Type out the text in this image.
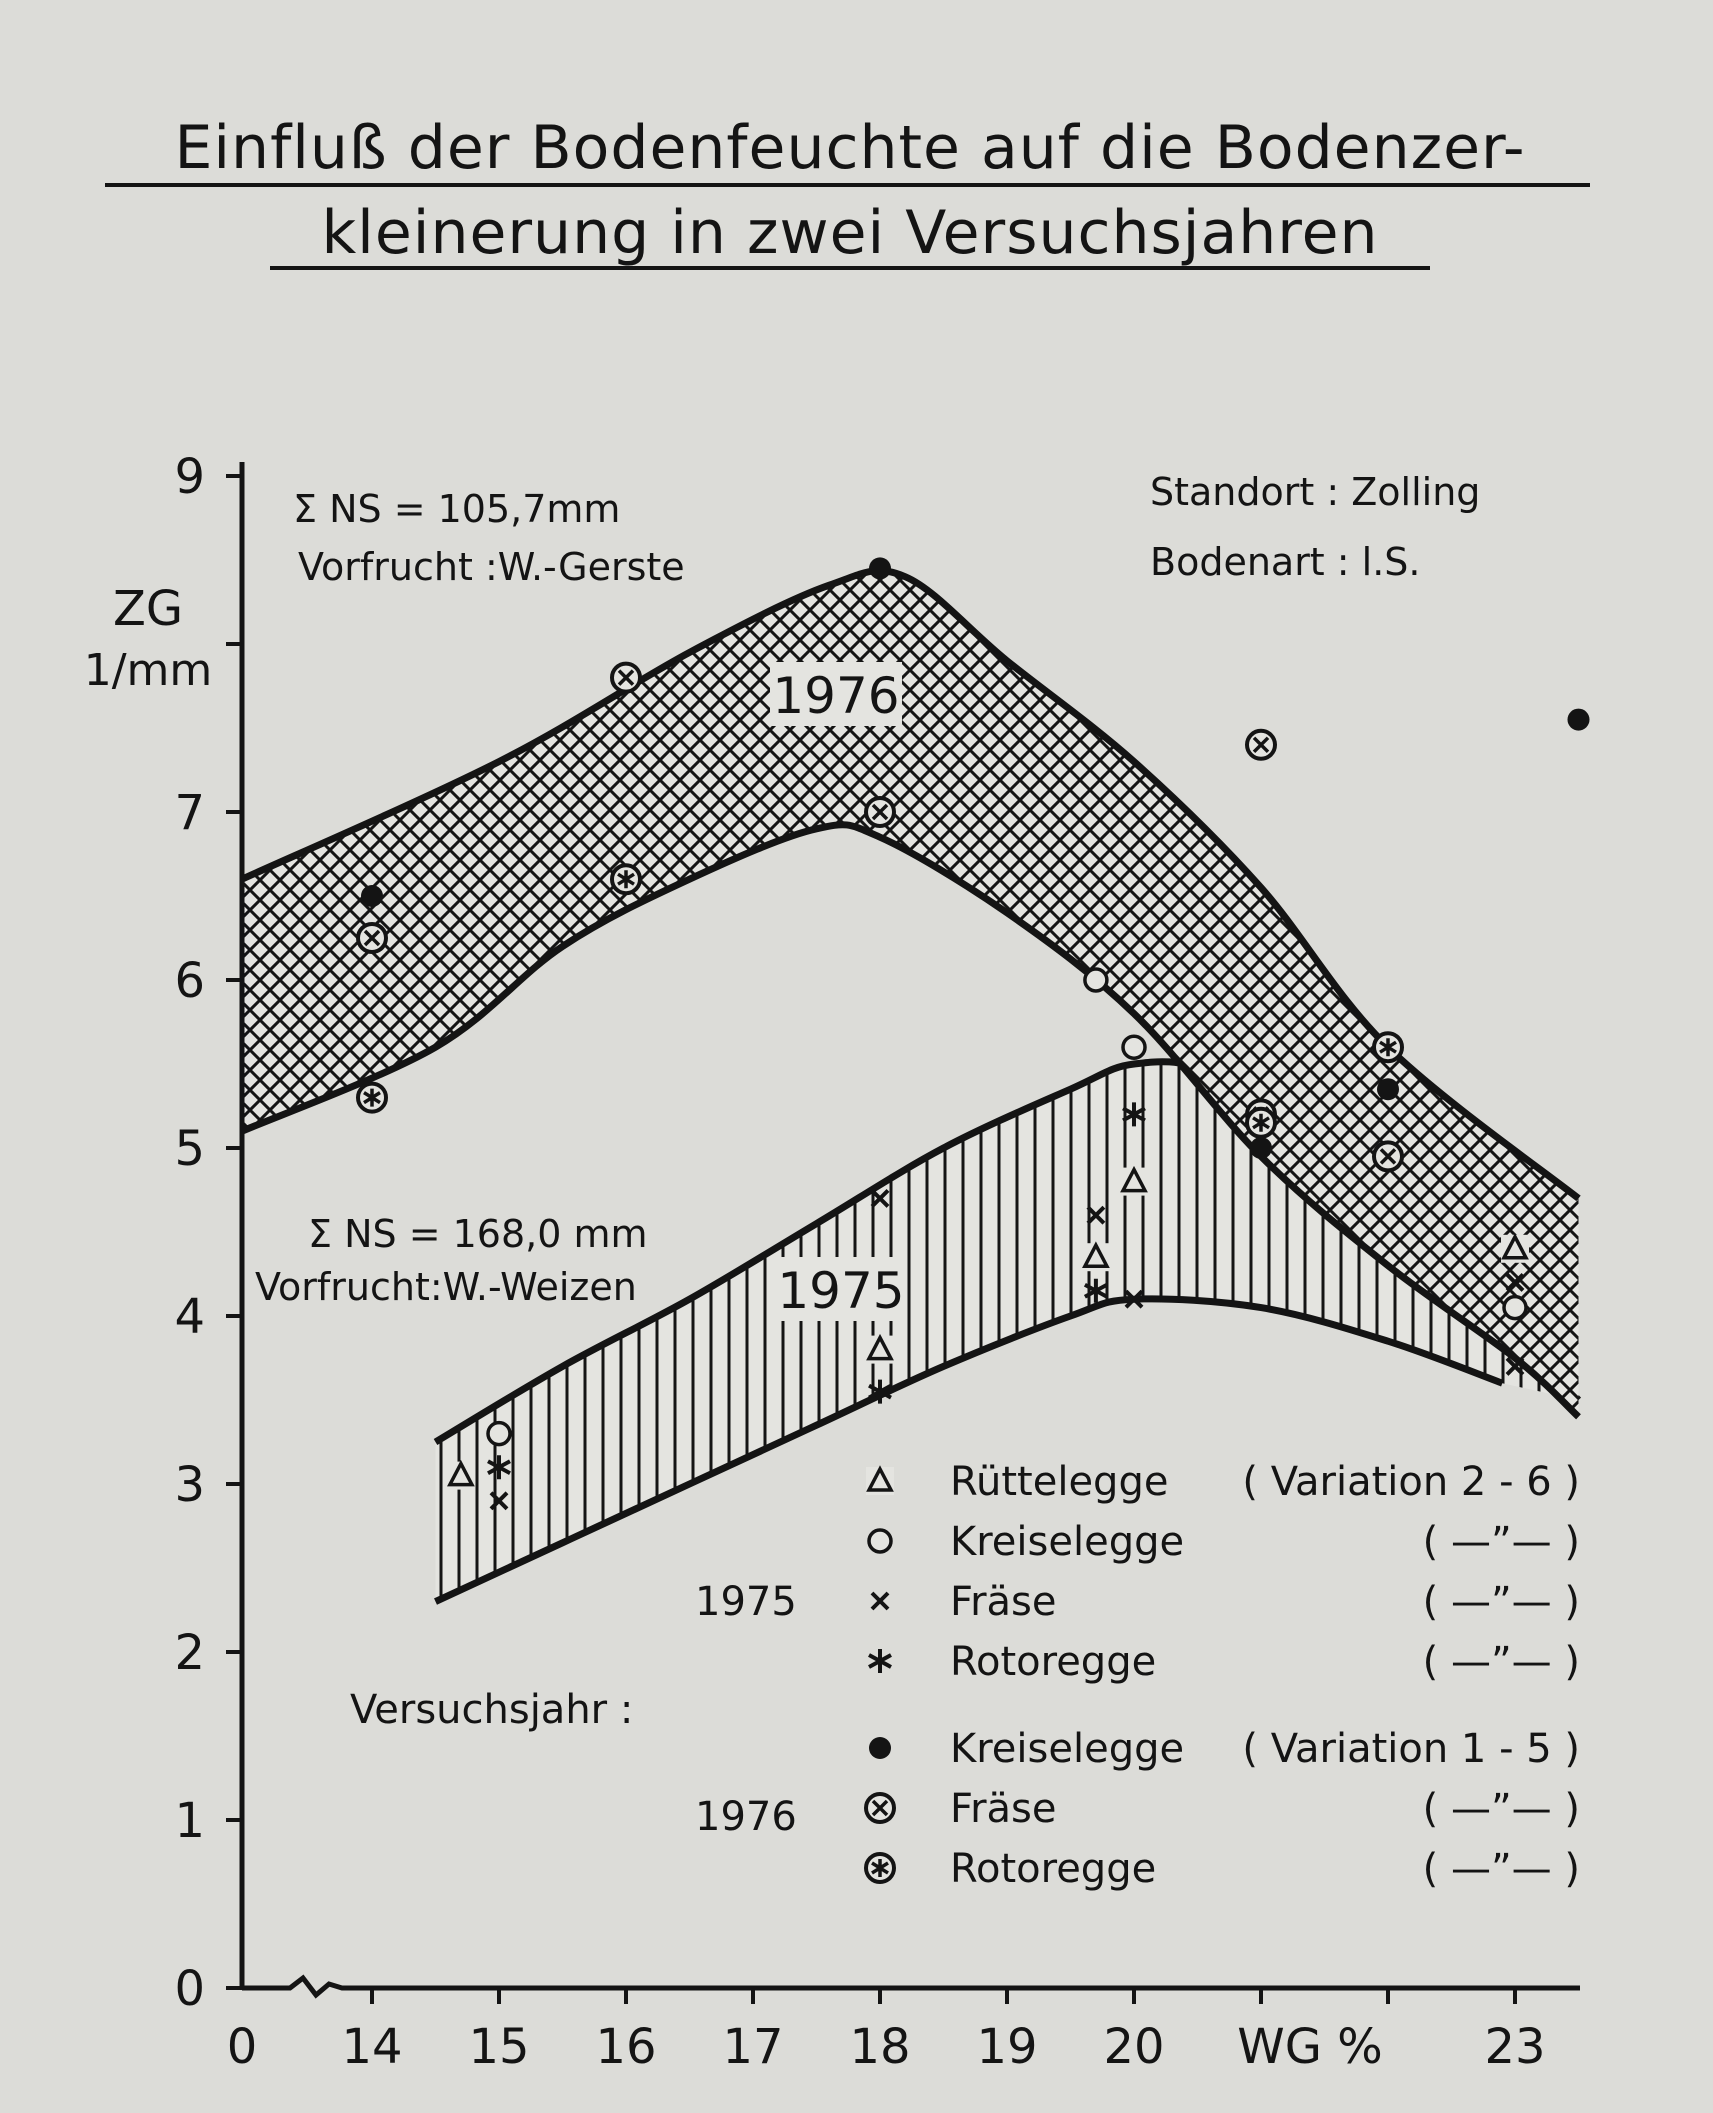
Einfluß der Bodenfeuchte auf die Bodenzer-
kleinerung in zwei Versuchsjahren
0
1
2
3
4
5
6
7
9
0 14 15 16 17 18 19 20	23
ZG
1/mm
WG %
Σ NS = 105,7mm
Vorfrucht :W.-Gerste
Standort : Zolling
Bodenart : l.S.
Σ NS = 168,0 mm
Vorfrucht:W.-Weizen
1976
1975
Versuchsjahr :
1975
1976
Rüttelegge ( Variation 2 - 6 )
Kreiselegge	( —”— )
Fräse	( —”— )
Rotoregge	( —”— )
Kreiselegge ( Variation 1 - 5 )
Fräse	( —”— )
Rotoregge	( —”— )
